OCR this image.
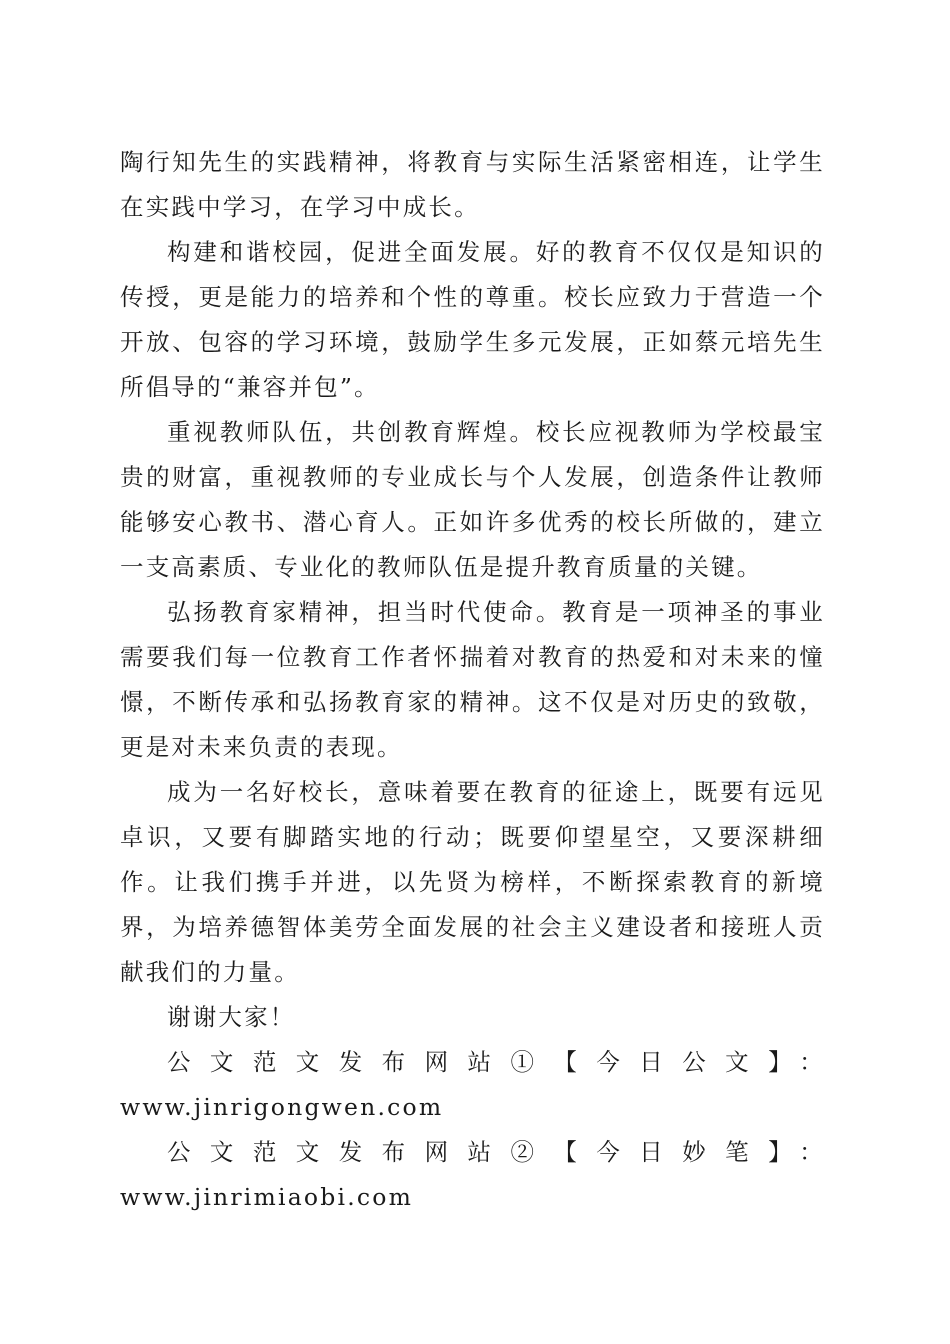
陶行知先生的实践精神，将教育与实际生活紧密相连，让学生在实践中学习，在学习中成长。

构建和谐校园，促进全面发展。好的教育不仅仅是知识的传授，更是能力的培养和个性的尊重。校长应致力于营造一个开放、包容的学习环境，鼓励学生多元发展，正如蔡元培先生所倡导的“兼容并包”。

重视教师队伍，共创教育辉煌。校长应视教师为学校最宝贵的财富，重视教师的专业成长与个人发展，创造条件让教师能够安心教书、潜心育人。正如许多优秀的校长所做的，建立一支高素质、专业化的教师队伍是提升教育质量的关键。

弘扬教育家精神，担当时代使命。教育是一项神圣的事业需要我们每一位教育工作者怀揣着对教育的热爱和对未来的憧憬，不断传承和弘扬教育家的精神。这不仅是对历史的致敬，更是对未来负责的表现。

成为一名好校长，意味着要在教育的征途上，既要有远见卓识，又要有脚踏实地的行动；既要仰望星空，又要深耕细作。让我们携手并进，以先贤为榜样，不断探索教育的新境界，为培养德智体美劳全面发展的社会主义建设者和接班人贡献我们的力量。

谢谢大家！

公文范文发布网站①【今日公文】：

www.jinrigongwen.com

公文范文发布网站②【今日妙笔】：www.jinrimiaobi.com
